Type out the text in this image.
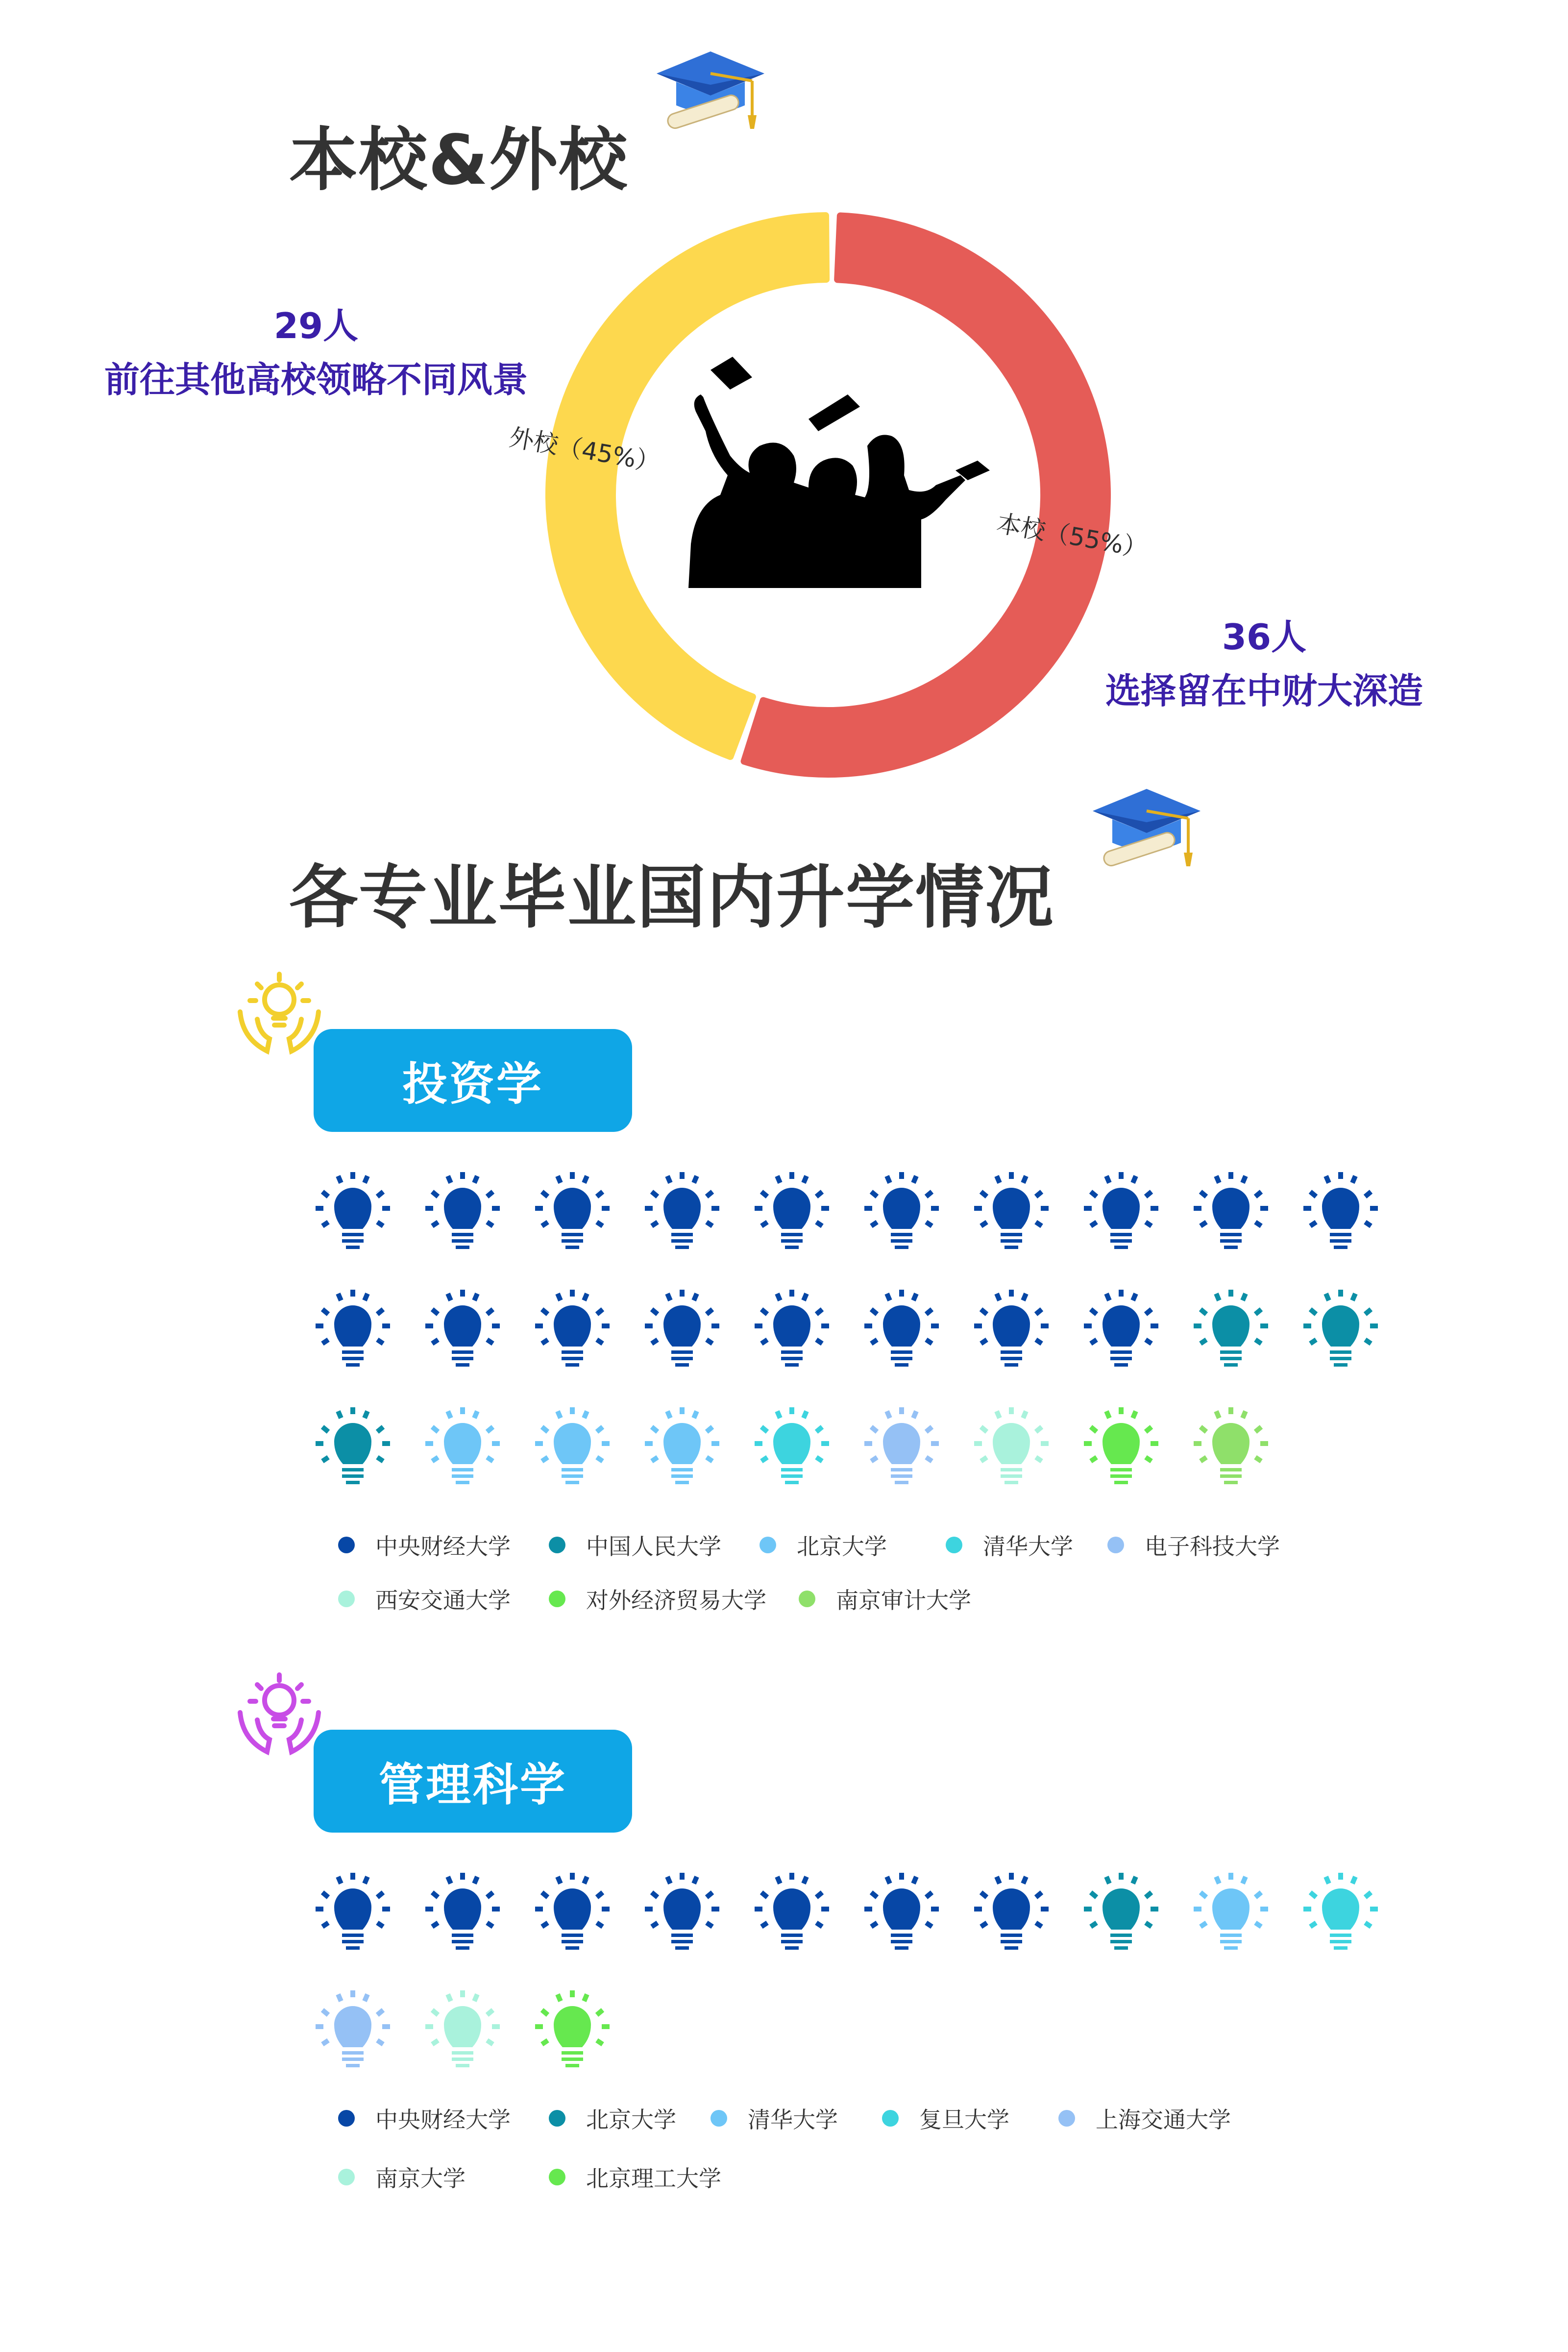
本校&外校
29人
前往其他高校领略不同风景
36人
选择留在中财大深造
本校（55%）
外校（45%）
各专业毕业国内升学情况
投资学
中央财经大学	中国人民大学	北京大学	清华大学	电子科技大学
西安交通大学	对外经济贸易大学	南京审计大学
管理科学
中央财经大学	北京大学	清华大学	复旦大学	上海交通大学
南京大学	北京理工大学
